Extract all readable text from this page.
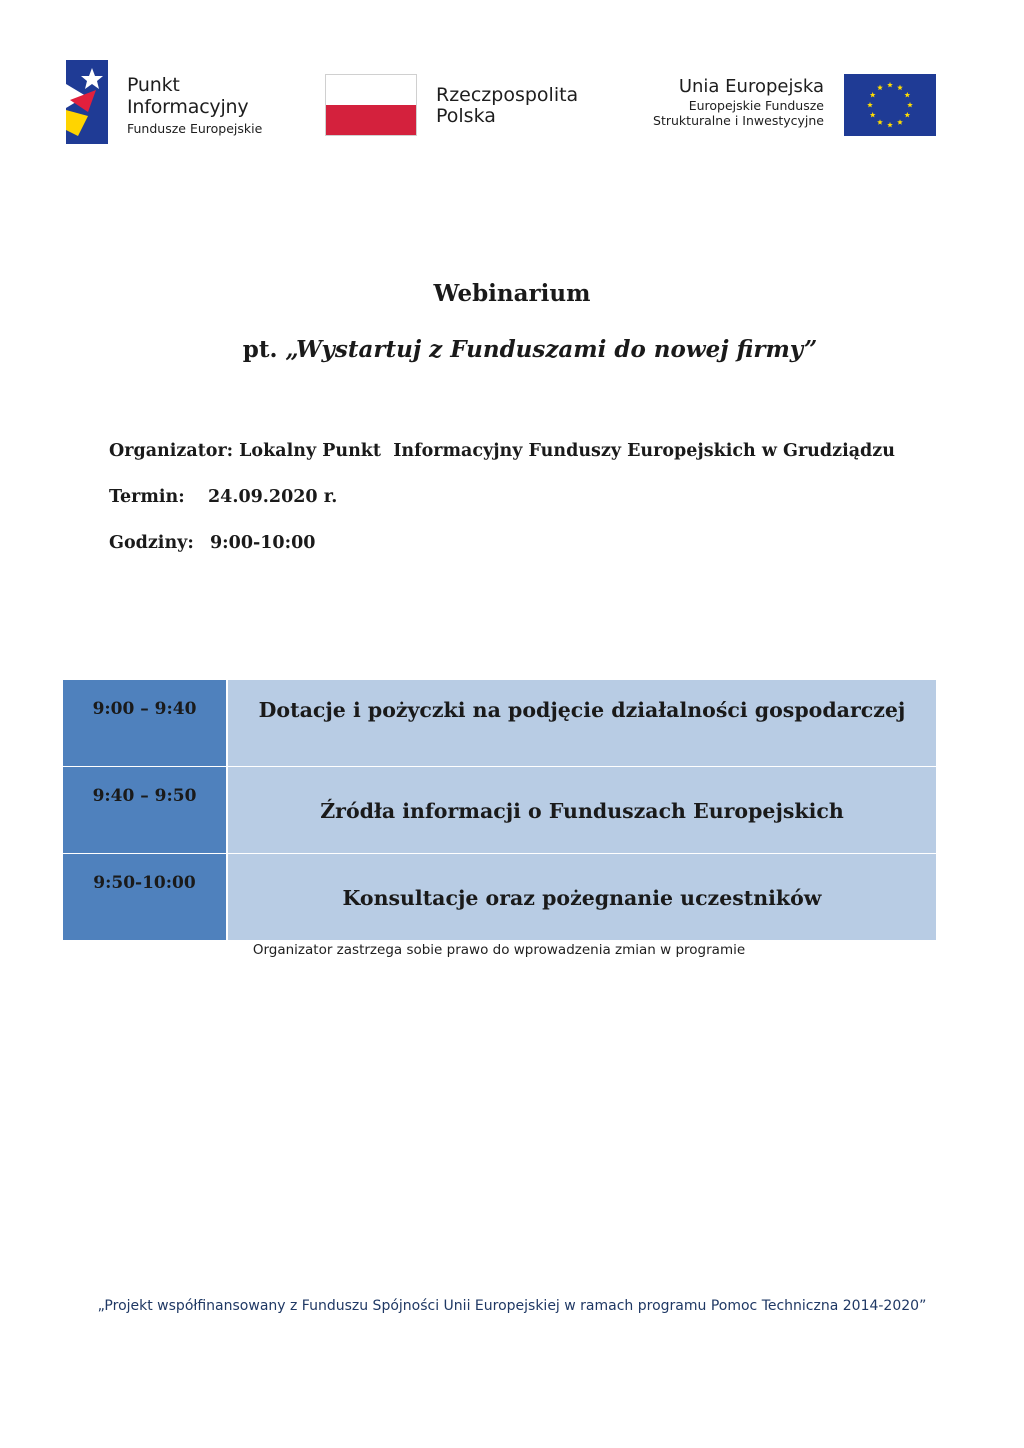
Punkt
Informacyjny
Fundusze Europejskie
Rzeczpospolita
Polska
Unia Europejska
Europejskie Fundusze
Strukturalne i Inwestycyjne
Webinarium
pt. „Wystartuj z Funduszami do nowej firmy”
Organizator: Lokalny Punkt  Informacyjny Funduszy Europejskich w Grudziądzu
Termin: 24.09.2020 r.
Godziny: 9:00-10:00
9:00 – 9:40	Dotacje i pożyczki na podjęcie działalności gospodarczej
9:40 – 9:50
Źródła informacji o Funduszach Europejskich
9:50-10:00
Konsultacje oraz pożegnanie uczestników
Organizator zastrzega sobie prawo do wprowadzenia zmian w programie
„Projekt współfinansowany z Funduszu Spójności Unii Europejskiej w ramach programu Pomoc Techniczna 2014-2020”
